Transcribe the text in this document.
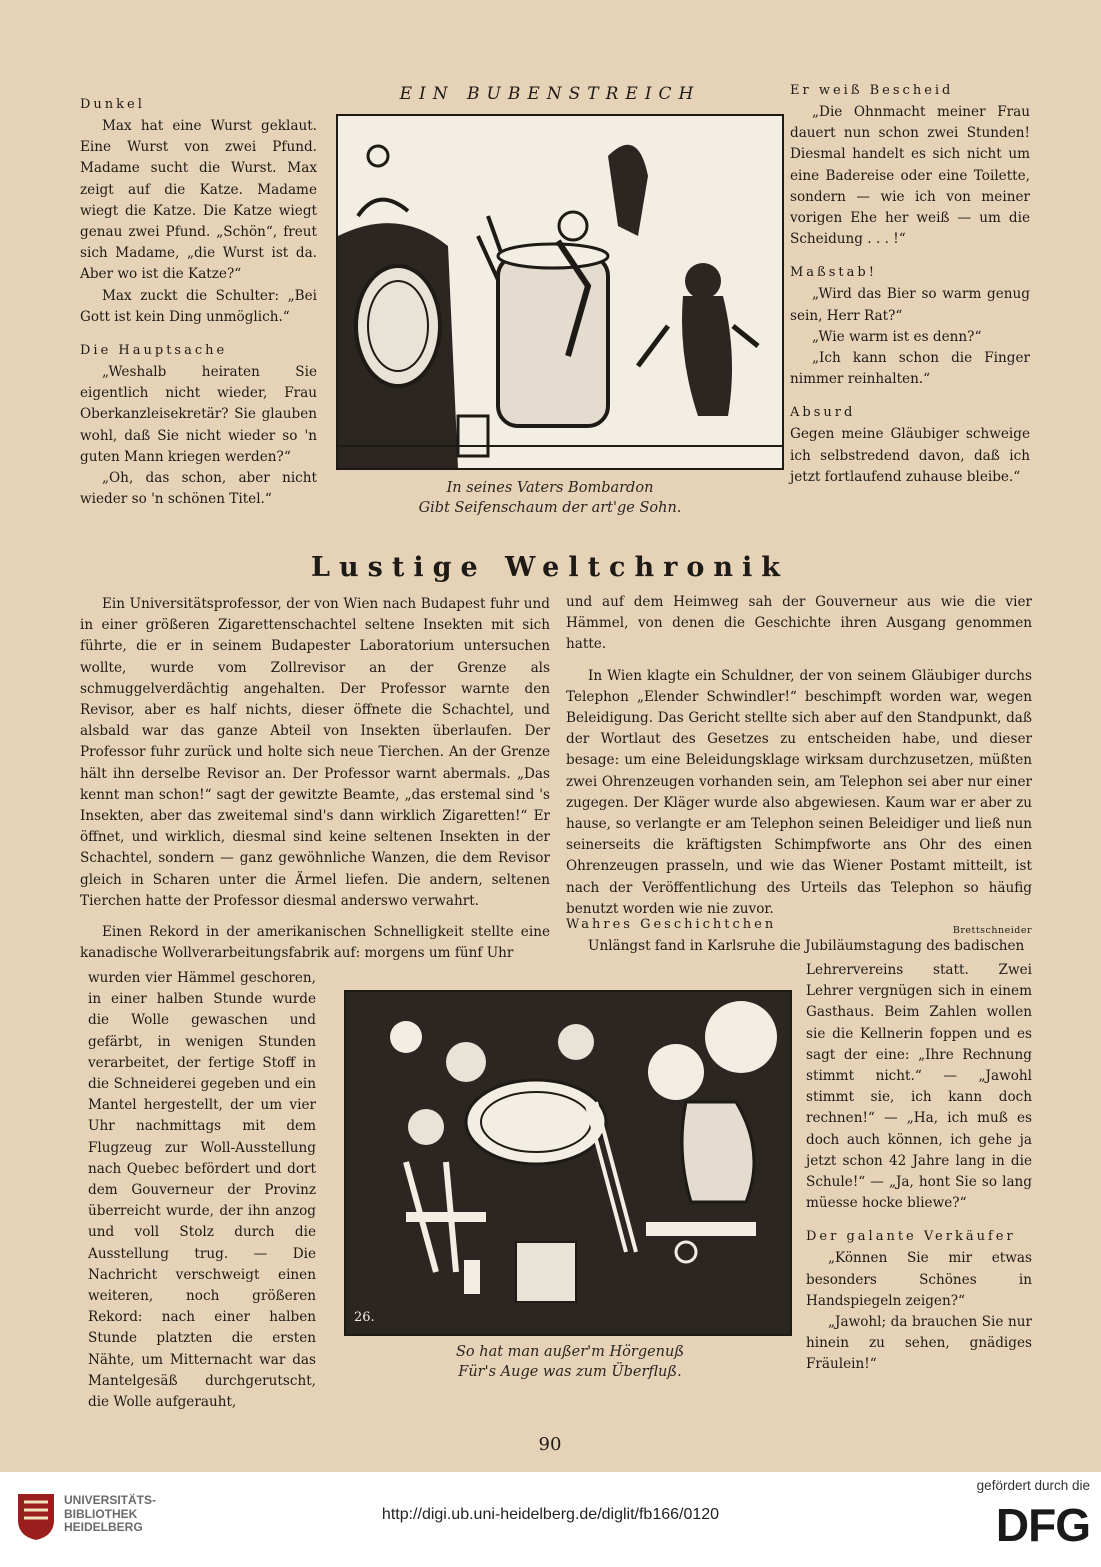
EIN BUBENSTREICH

Dunkel

Max hat eine Wurst geklaut. Eine Wurst von zwei Pfund. Madame sucht die Wurst. Max zeigt auf die Katze. Madame wiegt die Katze. Die Katze wiegt genau zwei Pfund. „Schön“, freut sich Madame, „die Wurst ist da. Aber wo ist die Katze?“

Max zuckt die Schulter: „Bei Gott ist kein Ding unmöglich.“

Die Hauptsache

„Weshalb heiraten Sie eigentlich nicht wieder, Frau Oberkanzleisekretär? Sie glauben wohl, daß Sie nicht wieder so 'n guten Mann kriegen werden?“

„Oh, das schon, aber nicht wieder so 'n schönen Titel.“

In seines Vaters Bombardon
Gibt Seifenschaum der art'ge Sohn.

Er weiß Bescheid

„Die Ohnmacht meiner Frau dauert nun schon zwei Stunden! Diesmal handelt es sich nicht um eine Badereise oder eine Toilette, sondern — wie ich von meiner vorigen Ehe her weiß — um die Scheidung . . . !“

Maßstab!

„Wird das Bier so warm genug sein, Herr Rat?“

„Wie warm ist es denn?“

„Ich kann schon die Finger nimmer reinhalten.“

Absurd

Gegen meine Gläubiger schweige ich selbstredend davon, daß ich jetzt fortlaufend zuhause bleibe.“

Lustige Weltchronik

Ein Universitätsprofessor, der von Wien nach Budapest fuhr und in einer größeren Zigarettenschachtel seltene Insekten mit sich führte, die er in seinem Budapester Laboratorium untersuchen wollte, wurde vom Zollrevisor an der Grenze als schmuggelverdächtig angehalten. Der Professor warnte den Revisor, aber es half nichts, dieser öffnete die Schachtel, und alsbald war das ganze Abteil von Insekten überlaufen. Der Professor fuhr zurück und holte sich neue Tierchen. An der Grenze hält ihn derselbe Revisor an. Der Professor warnt abermals. „Das kennt man schon!“ sagt der gewitzte Beamte, „das erstemal sind 's Insekten, aber das zweitemal sind's dann wirklich Zigaretten!“ Er öffnet, und wirklich, diesmal sind keine seltenen Insekten in der Schachtel, sondern — ganz gewöhnliche Wanzen, die dem Revisor gleich in Scharen unter die Ärmel liefen. Die andern, seltenen Tierchen hatte der Professor diesmal anderswo verwahrt.

und auf dem Heimweg sah der Gouverneur aus wie die vier Hämmel, von denen die Geschichte ihren Ausgang genommen hatte.

In Wien klagte ein Schuldner, der von seinem Gläubiger durchs Telephon „Elender Schwindler!“ beschimpft worden war, wegen Beleidigung. Das Gericht stellte sich aber auf den Standpunkt, daß der Wortlaut des Gesetzes zu entscheiden habe, und dieser besage: um eine Beleidungsklage wirksam durchzusetzen, müßten zwei Ohrenzeugen vorhanden sein, am Telephon sei aber nur einer zugegen. Der Kläger wurde also abgewiesen. Kaum war er aber zu hause, so verlangte er am Telephon seinen Beleidiger und ließ nun seinerseits die kräftigsten Schimpfworte ans Ohr des einen Ohrenzeugen prasseln, und wie das Wiener Postamt mitteilt, ist nach der Veröffentlichung des Urteils das Telephon so häufig benutzt worden wie nie zuvor.

Brettschneider

Einen Rekord in der amerikanischen Schnelligkeit stellte eine kanadische Wollverarbeitungsfabrik auf: morgens um fünf Uhr

wurden vier Hämmel geschoren, in einer halben Stunde wurde die Wolle gewaschen und gefärbt, in wenigen Stunden verarbeitet, der fertige Stoff in die Schneiderei gegeben und ein Mantel hergestellt, der um vier Uhr nachmittags mit dem Flugzeug zur Woll-Ausstellung nach Quebec befördert und dort dem Gouverneur der Provinz überreicht wurde, der ihn anzog und voll Stolz durch die Ausstellung trug. — Die Nachricht verschweigt einen weiteren, noch größeren Rekord: nach einer halben Stunde platzten die ersten Nähte, um Mitternacht war das Mantelgesäß durchgerutscht, die Wolle aufgerauht,

26.
So hat man außer'm Hörgenuß
Für's Auge was zum Überfluß.

Wahres Geschichtchen

Unlängst fand in Karlsruhe die Jubiläumstagung des badischen

Lehrervereins statt. Zwei Lehrer vergnügen sich in einem Gasthaus. Beim Zahlen wollen sie die Kellnerin foppen und es sagt der eine: „Ihre Rechnung stimmt nicht.“ — „Jawohl stimmt sie, ich kann doch rechnen!“ — „Ha, ich muß es doch auch können, ich gehe ja jetzt schon 42 Jahre lang in die Schule!“ — „Ja, hont Sie so lang müesse hocke bliewe?“

Der galante Verkäufer

„Können Sie mir etwas besonders Schönes in Handspiegeln zeigen?“

„Jawohl; da brauchen Sie nur hinein zu sehen, gnädiges Fräulein!“

90
UNIVERSITÄTS-
BIBLIOTHEK
HEIDELBERG
http://digi.ub.uni-heidelberg.de/diglit/fb166/0120
gefördert durch die
DFG
